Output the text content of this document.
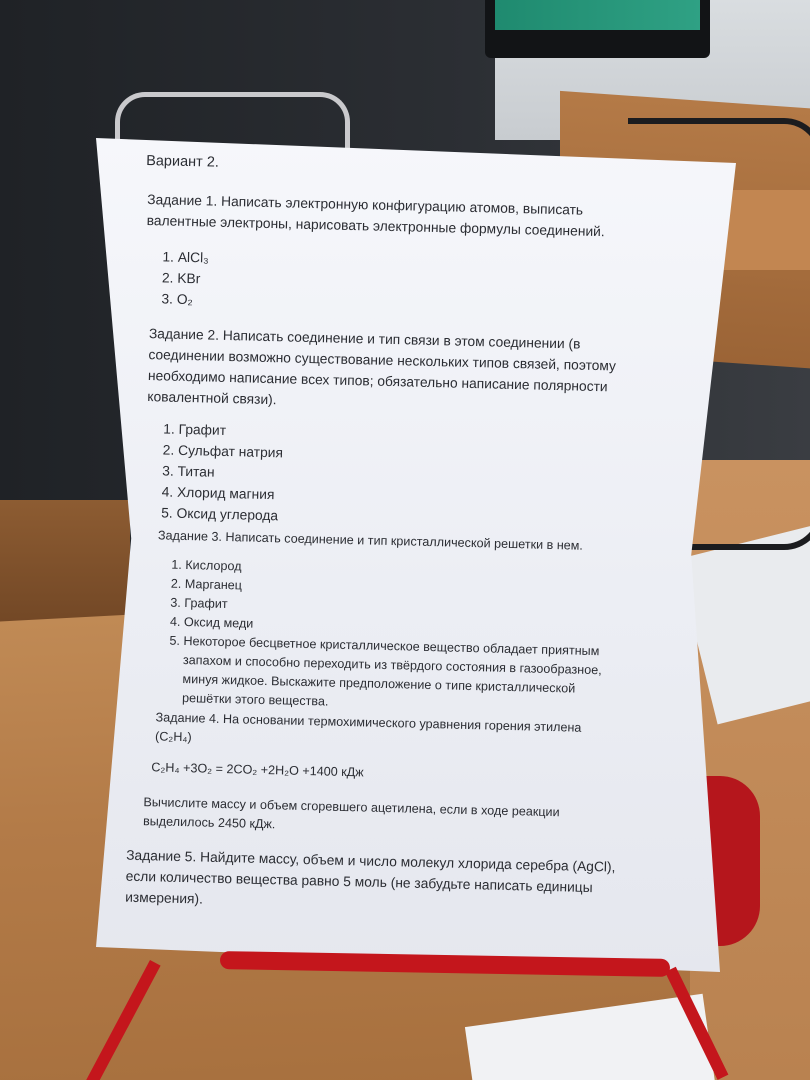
Вариант 2.
Задание 1. Написать электронную конфигурацию атомов, выписать валентные электроны, нарисовать электронные формулы соединений.
1. AlCl₃
2. KBr
3. O₂
Задание 2. Написать соединение и тип связи в этом соединении (в соединении возможно существование нескольких типов связей, поэтому необходимо написание всех типов; обязательно написание полярности ковалентной связи).
1. Графит
2. Сульфат натрия
3. Титан
4. Хлорид магния
5. Оксид углерода
Задание 3. Написать соединение и тип кристаллической решетки в нем.
1. Кислород
2. Марганец
3. Графит
4. Оксид меди
5. Некоторое бесцветное кристаллическое вещество обладает приятным запахом и способно переходить из твёрдого состояния в газообразное, минуя жидкое. Выскажите предположение о типе кристаллической решётки этого вещества.
Задание 4. На основании термохимического уравнения горения этилена (C₂H₄)
C₂H₄ +3O₂ = 2CO₂ +2H₂O +1400 кДж
Вычислите массу и объем сгоревшего ацетилена, если в ходе реакции выделилось 2450 кДж.
Задание 5. Найдите массу, объем и число молекул хлорида серебра (AgCl), если количество вещества равно 5 моль (не забудьте написать единицы измерения).
